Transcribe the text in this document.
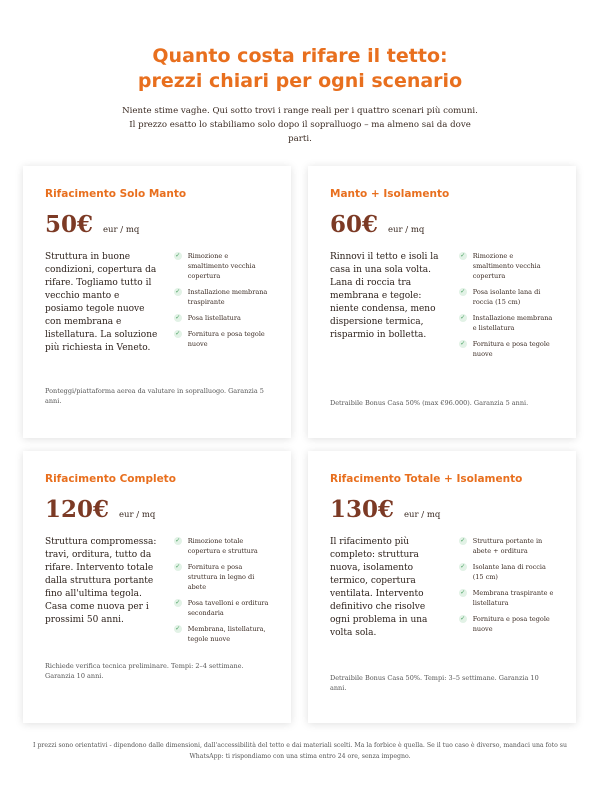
Quanto costa rifare il tetto: prezzi chiari per ogni scenario

Niente stime vaghe. Qui sotto trovi i range reali per i quattro scenari più comuni. Il prezzo esatto lo stabiliamo solo dopo il sopralluogo – ma almeno sai da dove parti.

Rifacimento Solo Manto
50€ eur / mq

Struttura in buone condizioni, copertura da rifare. Togliamo tutto il vecchio manto e posiamo tegole nuove con membrana e listellatura. La soluzione più richiesta in Veneto.

✓ Rimozione e smaltimento vecchia copertura
✓ Installazione membrana traspirante
✓ Posa listellatura
✓ Fornitura e posa tegole nuove

Ponteggi/piattaforma aerea da valutare in sopralluogo. Garanzia 5 anni.

Manto + Isolamento
60€ eur / mq

Rinnovi il tetto e isoli la casa in una sola volta. Lana di roccia tra membrana e tegole: niente condensa, meno dispersione termica, risparmio in bolletta.

✓ Rimozione e smaltimento vecchia copertura
✓ Posa isolante lana di roccia (15 cm)
✓ Installazione membrana e listellatura
✓ Fornitura e posa tegole nuove

Detraibile Bonus Casa 50% (max €96.000). Garanzia 5 anni.

Rifacimento Completo
120€ eur / mq

Struttura compromessa: travi, orditura, tutto da rifare. Intervento totale dalla struttura portante fino all'ultima tegola. Casa come nuova per i prossimi 50 anni.

✓ Rimozione totale copertura e struttura
✓ Fornitura e posa struttura in legno di abete
✓ Posa tavelloni e orditura secondaria
✓ Membrana, listellatura, tegole nuove

Richiede verifica tecnica preliminare. Tempi: 2–4 settimane. Garanzia 10 anni.

Rifacimento Totale + Isolamento
130€ eur / mq

Il rifacimento più completo: struttura nuova, isolamento termico, copertura ventilata. Intervento definitivo che risolve ogni problema in una volta sola.

✓ Struttura portante in abete + orditura
✓ Isolante lana di roccia (15 cm)
✓ Membrana traspirante e listellatura
✓ Fornitura e posa tegole nuove

Detraibile Bonus Casa 50%. Tempi: 3–5 settimane. Garanzia 10 anni.

I prezzi sono orientativi - dipendono dalle dimensioni, dall'accessibilità del tetto e dai materiali scelti. Ma la forbice è quella. Se il tuo caso è diverso, mandaci una foto su WhatsApp: ti rispondiamo con una stima entro 24 ore, senza impegno.
